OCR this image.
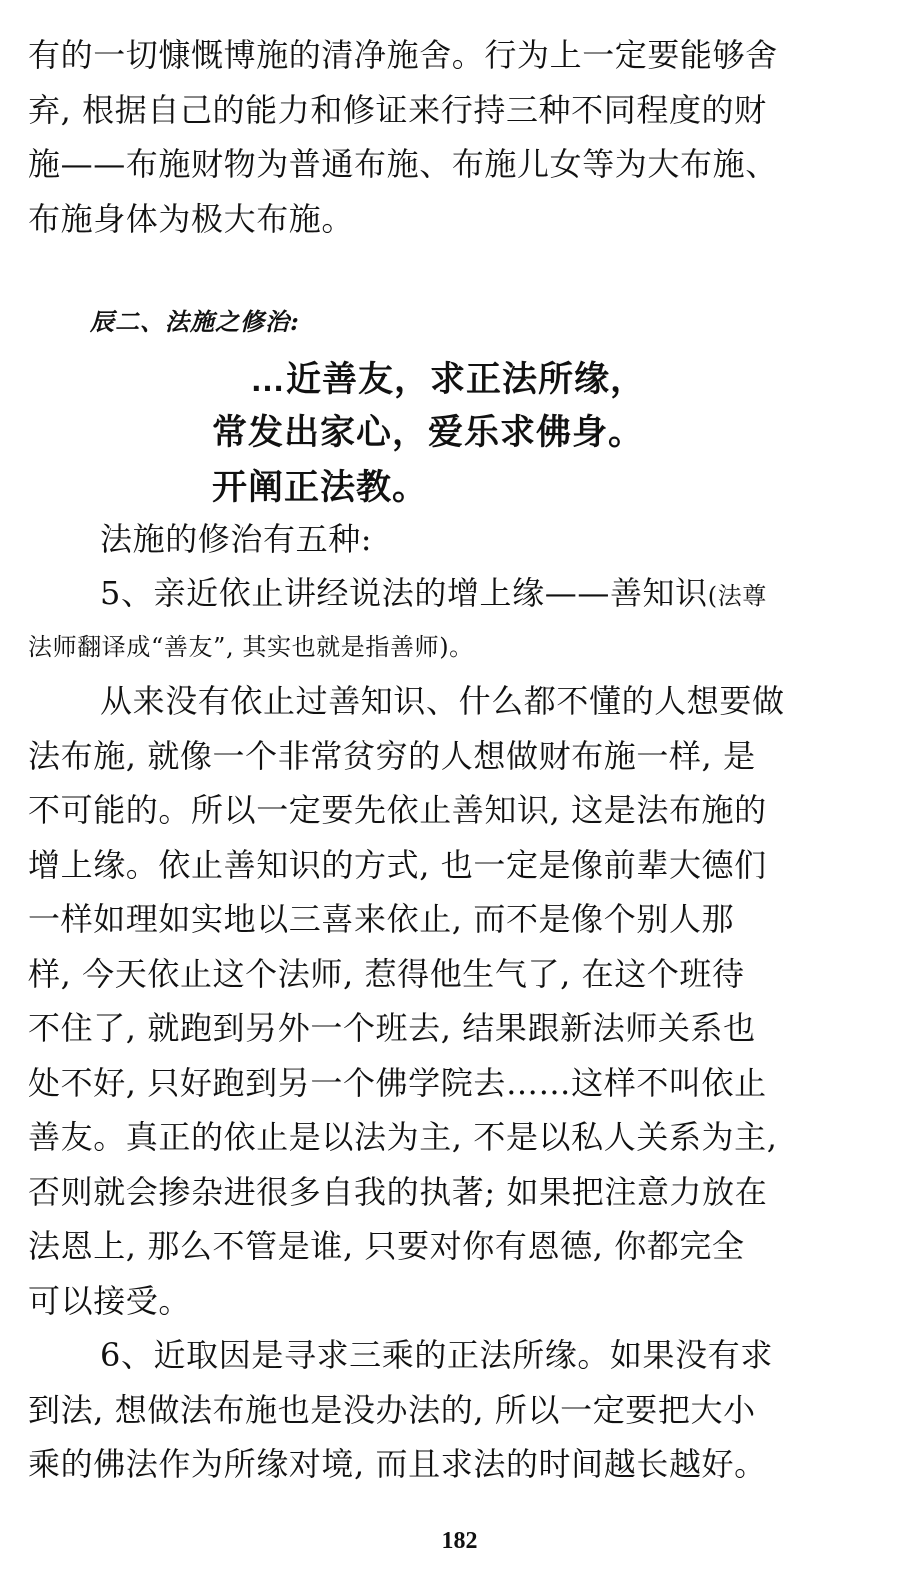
有的一切慷慨博施的清净施舍。行为上一定要能够舍
弃, 根据自己的能力和修证来行持三种不同程度的财
施——布施财物为普通布施、布施儿女等为大布施、
布施身体为极大布施。
辰二、法施之修治:
…近善友，求正法所缘，
常发出家心，爱乐求佛身。
开阐正法教。
法施的修治有五种:
5、亲近依止讲经说法的增上缘——善知识(法尊
法师翻译成“善友”, 其实也就是指善师)。
从来没有依止过善知识、什么都不懂的人想要做
法布施, 就像一个非常贫穷的人想做财布施一样, 是
不可能的。所以一定要先依止善知识, 这是法布施的
增上缘。依止善知识的方式, 也一定是像前辈大德们
一样如理如实地以三喜来依止, 而不是像个别人那
样, 今天依止这个法师, 惹得他生气了, 在这个班待
不住了, 就跑到另外一个班去, 结果跟新法师关系也
处不好, 只好跑到另一个佛学院去……这样不叫依止
善友。真正的依止是以法为主, 不是以私人关系为主,
否则就会掺杂进很多自我的执著; 如果把注意力放在
法恩上, 那么不管是谁, 只要对你有恩德, 你都完全
可以接受。
6、近取因是寻求三乘的正法所缘。如果没有求
到法, 想做法布施也是没办法的, 所以一定要把大小
乘的佛法作为所缘对境, 而且求法的时间越长越好。
182
